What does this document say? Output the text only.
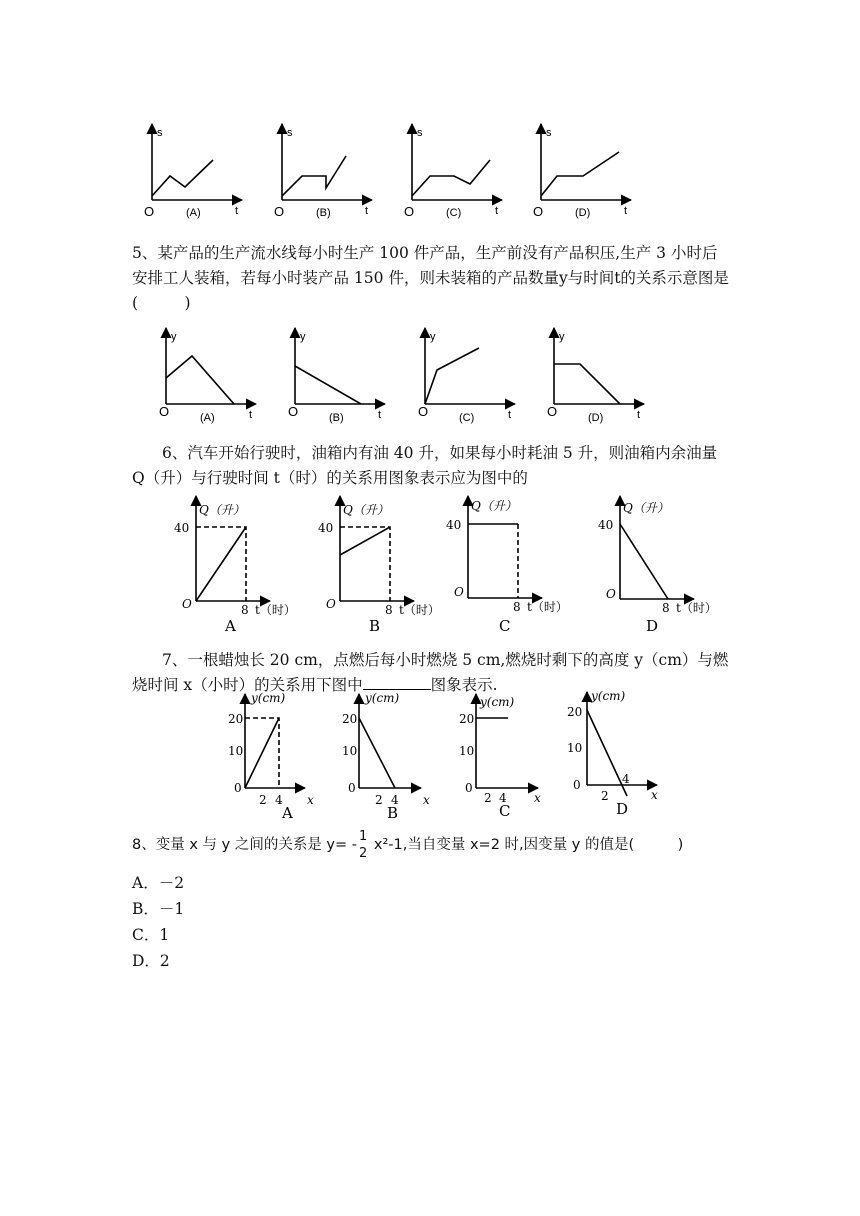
s
O	(A)	t
s
O	(B)	t
s
O	(C)	t
s
O	(D)	t

5、某产品的生产流水线每小时生产 100 件产品，生产前没有产品积压,生产 3 小时后安排工人装箱，若每小时装产品 150 件，则未装箱的产品数量y与时间t的关系示意图是(　　　)

y
O	(A)	t
y
O	(B)	t
y
O	(C)	t
y
O	(D)	t

6、汽车开始行驶时，油箱内有油 40 升，如果每小时耗油 5 升，则油箱内余油量 Q（升）与行驶时间 t（时）的关系用图象表示应为图中的

Q（升）
40
O	8 t（时）
A
Q（升）
40
O	8 t（时）
B
Q（升）
40
O
8 t（时）
C
Q（升）
40
O
8 t（时）
D

7、一根蜡烛长 20 cm，点燃后每小时燃烧 5 cm,燃烧时剩下的高度 y（cm）与燃烧时间 x（小时）的关系用下图中	图象表示.

y(cm)
20
10
0
2 4 x
A
y(cm)
20
10
0
2 4 x
B
y(cm)
20
10
0
2 4 x
C
y(cm)
20
10
0
2
4
x
D
8、变量 x 与 y 之间的关系是 y= -
1
2 x²-1,当自变量 x=2 时,因变量 y 的值是(　　　)
A．－2
B．－1
C．1
D．2
